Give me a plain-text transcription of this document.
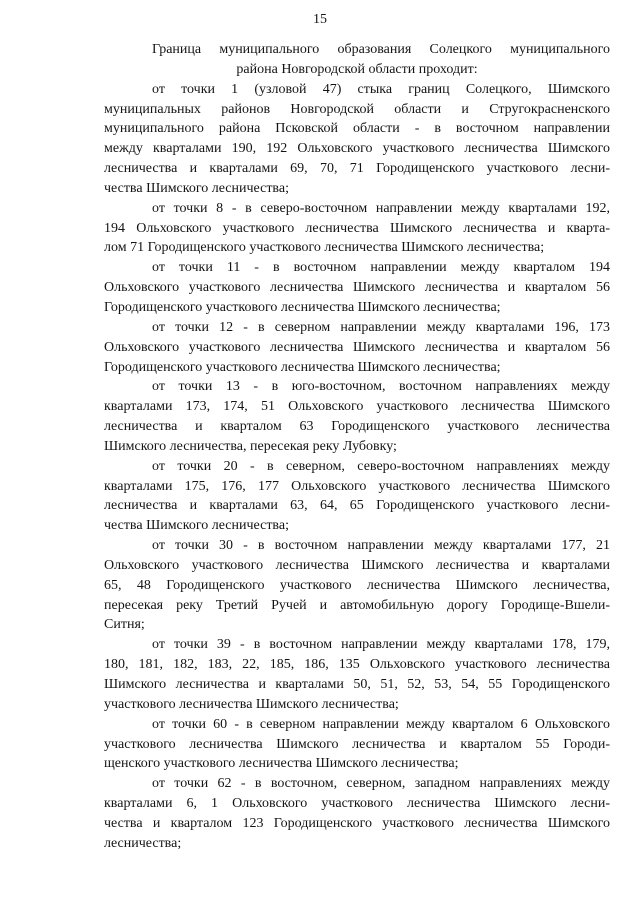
15
Граница муниципального образования Солецкого муниципального
района Новгородской области проходит:
от точки 1 (узловой 47) стыка границ Солецкого, Шимского
муниципальных районов Новгородской области и Стругокрасненского
муниципального района Псковской области - в восточном направлении
между кварталами 190, 192 Ольховского участкового лесничества Шимского
лесничества и кварталами 69, 70, 71 Городищенского участкового лесни-
чества Шимского лесничества;
от точки 8 - в северо-восточном направлении между кварталами 192,
194 Ольховского участкового лесничества Шимского лесничества и кварта-
лом 71 Городищенского участкового лесничества Шимского лесничества;
от точки 11 - в восточном направлении между кварталом 194
Ольховского участкового лесничества Шимского лесничества и кварталом 56
Городищенского участкового лесничества Шимского лесничества;
от точки 12 - в северном направлении между кварталами 196, 173
Ольховского участкового лесничества Шимского лесничества и кварталом 56
Городищенского участкового лесничества Шимского лесничества;
от точки 13 - в юго-восточном, восточном направлениях между
кварталами 173, 174, 51 Ольховского участкового лесничества Шимского
лесничества и кварталом 63 Городищенского участкового лесничества
Шимского лесничества, пересекая реку Лубовку;
от точки 20 - в северном, северо-восточном направлениях между
кварталами 175, 176, 177 Ольховского участкового лесничества Шимского
лесничества и кварталами 63, 64, 65 Городищенского участкового лесни-
чества Шимского лесничества;
от точки 30 - в восточном направлении между кварталами 177, 21
Ольховского участкового лесничества Шимского лесничества и кварталами
65, 48 Городищенского участкового лесничества Шимского лесничества,
пересекая реку Третий Ручей и автомобильную дорогу Городище-Вшели-
Ситня;
от точки 39 - в восточном направлении между кварталами 178, 179,
180, 181, 182, 183, 22, 185, 186, 135 Ольховского участкового лесничества
Шимского лесничества и кварталами 50, 51, 52, 53, 54, 55 Городищенского
участкового лесничества Шимского лесничества;
от точки 60 - в северном направлении между кварталом 6 Ольховского
участкового лесничества Шимского лесничества и кварталом 55 Городи-
щенского участкового лесничества Шимского лесничества;
от точки 62 - в восточном, северном, западном направлениях между
кварталами 6, 1 Ольховского участкового лесничества Шимского лесни-
чества и кварталом 123 Городищенского участкового лесничества Шимского
лесничества;
